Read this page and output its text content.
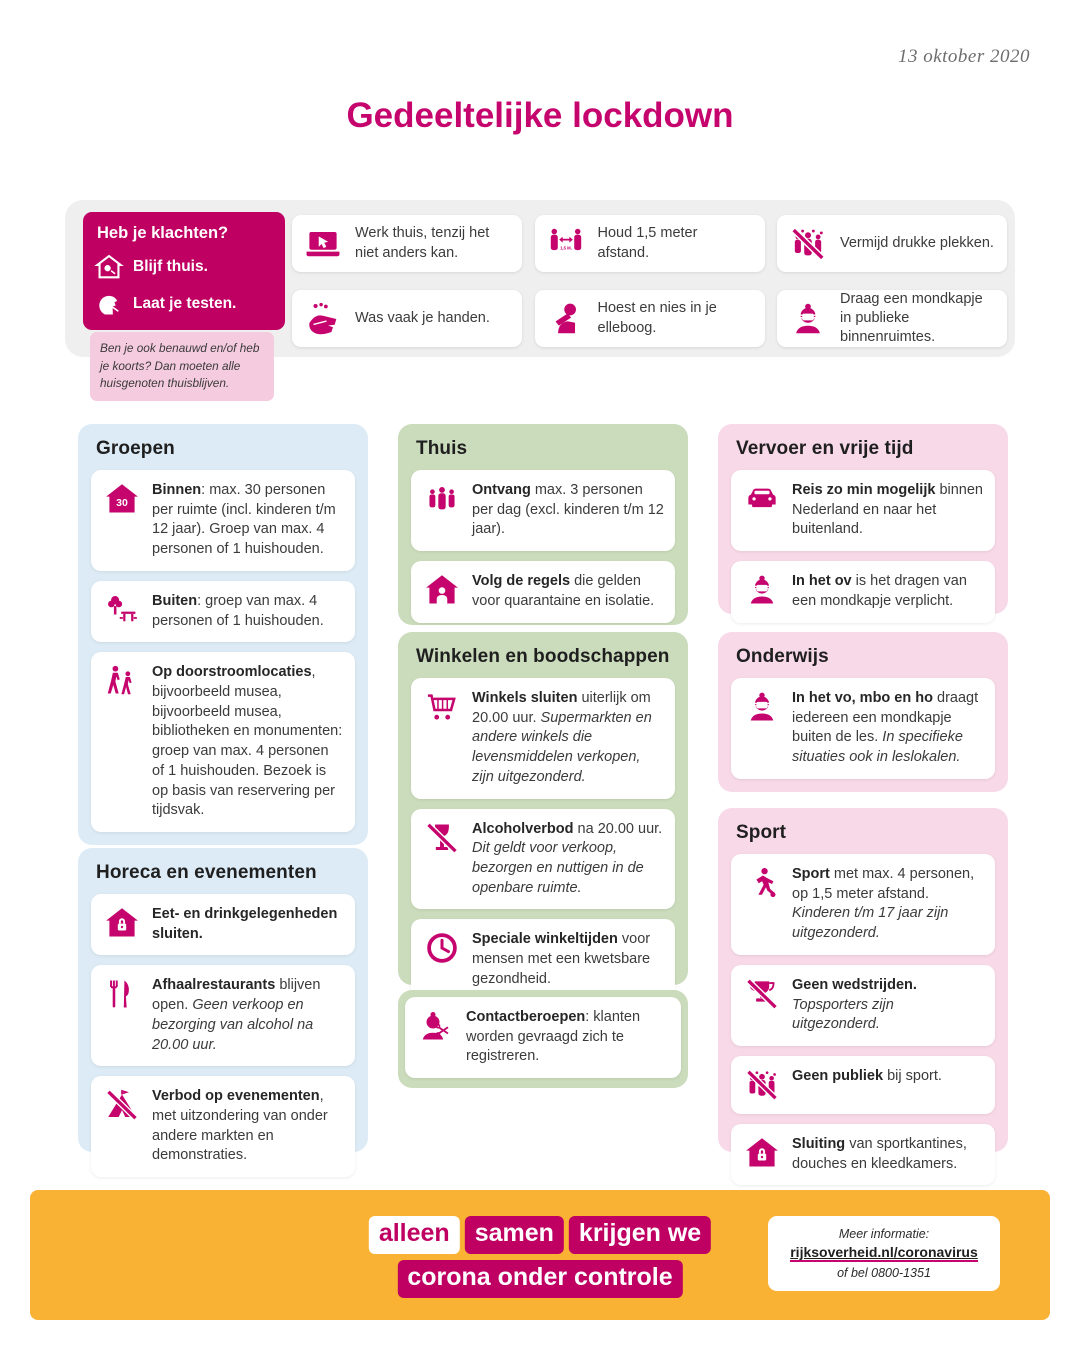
13 oktober 2020
Gedeeltelijke lockdown
Heb je klachten?
Blijf thuis.
Laat je testen.
Ben je ook benauwd en/of heb je koorts? Dan moeten alle huisgenoten thuisblijven.
Werk thuis, tenzij het niet anders kan.	1,5 M.
Houd 1,5 meter afstand.
Vermijd drukke plekken.
Was vaak je handen.
Hoest en nies in je elleboog.
Draag een mondkapje in publieke binnenruimtes.
Groepen
30
Binnen: max. 30 personen per ruimte (incl. kinderen t/m 12 jaar). Groep van max. 4 personen of 1 huishouden.
Buiten: groep van max. 4 personen of 1 huishouden.
Op doorstroomlocaties, bijvoorbeeld musea, bijvoorbeeld musea, bibliotheken en monumenten: groep van max. 4 personen of 1 huishouden. Bezoek is op basis van reservering per tijdsvak.
Horeca en evenementen
Eet- en drinkgelegenheden sluiten.
Afhaalrestaurants blijven open. Geen verkoop en bezorging van alcohol na 20.00 uur.
Verbod op evenementen, met uitzondering van onder andere markten en demonstraties.
Thuis
Ontvang max. 3 personen per dag (excl. kinderen t/m 12 jaar).
Volg de regels die gelden voor quarantaine en isolatie.
Winkelen en boodschappen
Winkels sluiten uiterlijk om 20.00 uur. Supermarkten en andere winkels die levensmiddelen verkopen, zijn uitgezonderd.
Alcoholverbod na 20.00 uur. Dit geldt voor verkoop, bezorgen en nuttigen in de openbare ruimte.
Speciale winkeltijden voor mensen met een kwetsbare gezondheid.
Contactberoepen: klanten worden gevraagd zich te registreren.
Vervoer en vrije tijd
Reis zo min mogelijk binnen Nederland en naar het buitenland.
In het ov is het dragen van een mondkapje verplicht.
Onderwijs
In het vo, mbo en ho draagt iedereen een mondkapje buiten de les. In specifieke situaties ook in leslokalen.
Sport
Sport met max. 4 personen, op 1,5 meter afstand. Kinderen t/m 17 jaar zijn uitgezonderd.
Geen wedstrijden. Topsporters zijn uitgezonderd.
Geen publiek bij sport.
Sluiting van sportkantines, douches en kleedkamers.
alleen	samen	krijgen we
corona onder controle
Meer informatie:
rijksoverheid.nl/coronavirus
of bel 0800-1351
